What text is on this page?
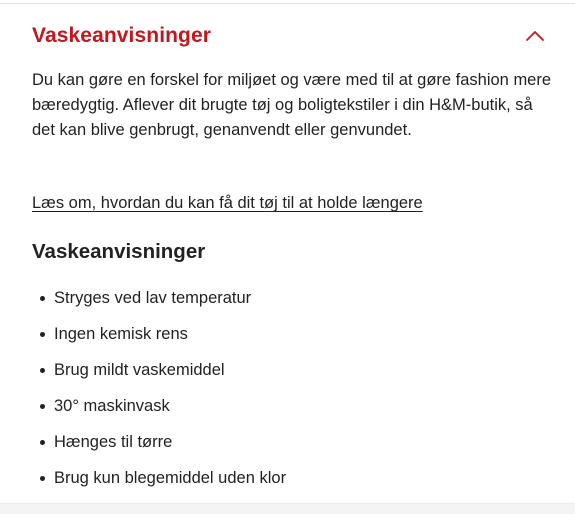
Vaskeanvisninger

Du kan gøre en forskel for miljøet og være med til at gøre fashion mere bæredygtig. Aflever dit brugte tøj og boligtekstiler i din H&M-butik, så det kan blive genbrugt, genanvendt eller genvundet.

Læs om, hvordan du kan få dit tøj til at holde længere
Vaskeanvisninger
Stryges ved lav temperatur
Ingen kemisk rens
Brug mildt vaskemiddel
30° maskinvask
Hænges til tørre
Brug kun blegemiddel uden klor
